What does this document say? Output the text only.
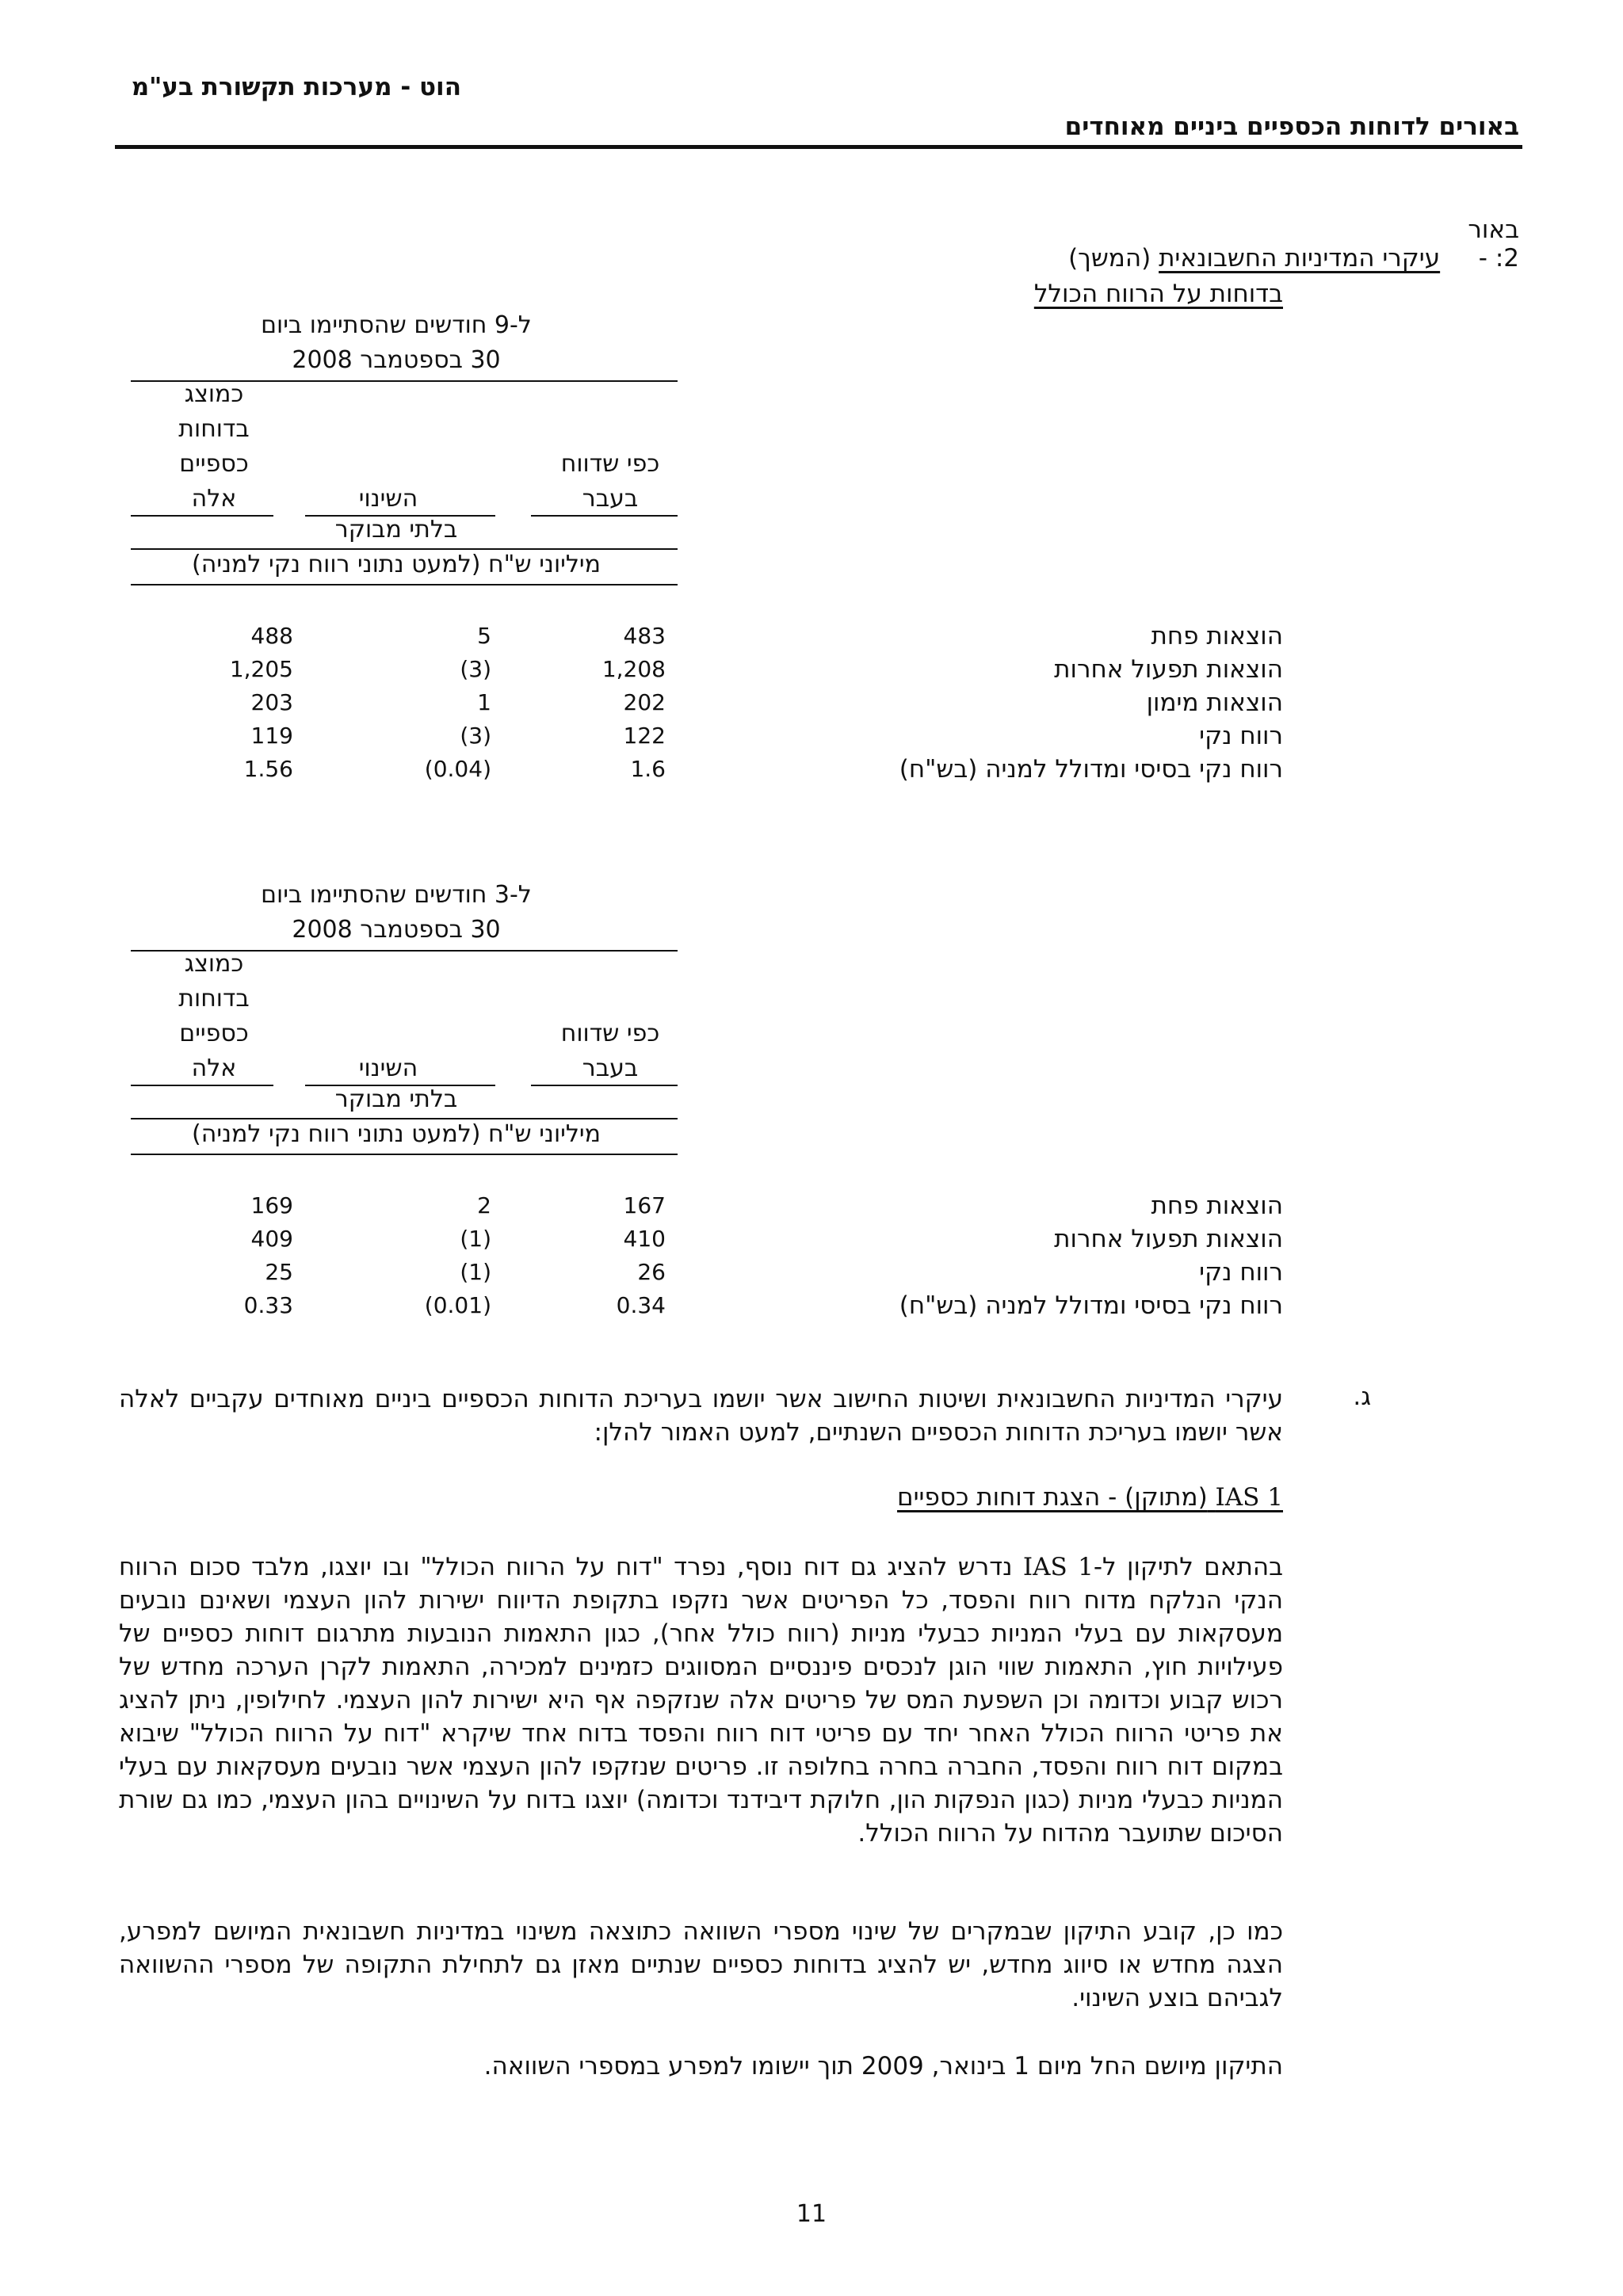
הוט - מערכות תקשורת בע"מ
באורים לדוחות הכספיים ביניים מאוחדים
באור 2: - עיקרי המדיניות החשבונאית (המשך)
בדוחות על הרווח הכולל
ל-9 חודשים שהסתיימו ביום
30 בספטמבר 2008
כפי שדווח
בעבר
השינוי
כמוצג
בדוחות
כספיים
אלה
בלתי מבוקר
מיליוני ש"ח (למעט נתוני רווח נקי למניה)
הוצאות פחת
483
5
488
הוצאות תפעול אחרות
1,208
(3)
1,205
הוצאות מימון
202
1
203
רווח נקי
122
(3)
119
רווח נקי בסיסי ומדולל למניה (בש"ח)
1.6
(0.04)
1.56
ל-3 חודשים שהסתיימו ביום
30 בספטמבר 2008
כפי שדווח
בעבר
השינוי
כמוצג
בדוחות
כספיים
אלה
בלתי מבוקר
מיליוני ש"ח (למעט נתוני רווח נקי למניה)
הוצאות פחת
167
2
169
הוצאות תפעול אחרות
410
(1)
409
רווח נקי
26
(1)
25
רווח נקי בסיסי ומדולל למניה (בש"ח)
0.34
(0.01)
0.33
ג.
עיקרי המדיניות החשבונאית ושיטות החישוב אשר יושמו בעריכת הדוחות הכספיים ביניים מאוחדים עקביים לאלה אשר יושמו בעריכת הדוחות הכספיים השנתיים, למעט האמור להלן:
IAS 1 (מתוקן) - הצגת דוחות כספיים
בהתאם לתיקון ל-IAS 1 נדרש להציג גם דוח נוסף, נפרד "דוח על הרווח הכולל" ובו יוצגו, מלבד סכום הרווח הנקי הנלקח מדוח רווח והפסד, כל הפריטים אשר נזקפו בתקופת הדיווח ישירות להון העצמי ושאינם נובעים מעסקאות עם בעלי המניות כבעלי מניות (רווח כולל אחר), כגון התאמות הנובעות מתרגום דוחות כספיים של פעילויות חוץ, התאמות שווי הוגן לנכסים פיננסיים המסווגים כזמינים למכירה, התאמות לקרן הערכה מחדש של רכוש קבוע וכדומה וכן השפעת המס של פריטים אלה שנזקפה אף היא ישירות להון העצמי. לחילופין, ניתן להציג את פריטי הרווח הכולל האחר יחד עם פריטי דוח רווח והפסד בדוח אחד שיקרא "דוח על הרווח הכולל" שיבוא במקום דוח רווח והפסד, החברה בחרה בחלופה זו. פריטים שנזקפו להון העצמי אשר נובעים מעסקאות עם בעלי המניות כבעלי מניות (כגון הנפקות הון, חלוקת דיבידנד וכדומה) יוצגו בדוח על השינויים בהון העצמי, כמו גם שורת הסיכום שתועבר מהדוח על הרווח הכולל.
כמו כן, קובע התיקון שבמקרים של שינוי מספרי השוואה כתוצאה משינוי במדיניות חשבונאית המיושם למפרע, הצגה מחדש או סיווג מחדש, יש להציג בדוחות כספיים שנתיים מאזן גם לתחילת התקופה של מספרי ההשוואה לגביהם בוצע השינוי.
התיקון מיושם החל מיום 1 בינואר, 2009 תוך יישומו למפרע במספרי השוואה.
11
